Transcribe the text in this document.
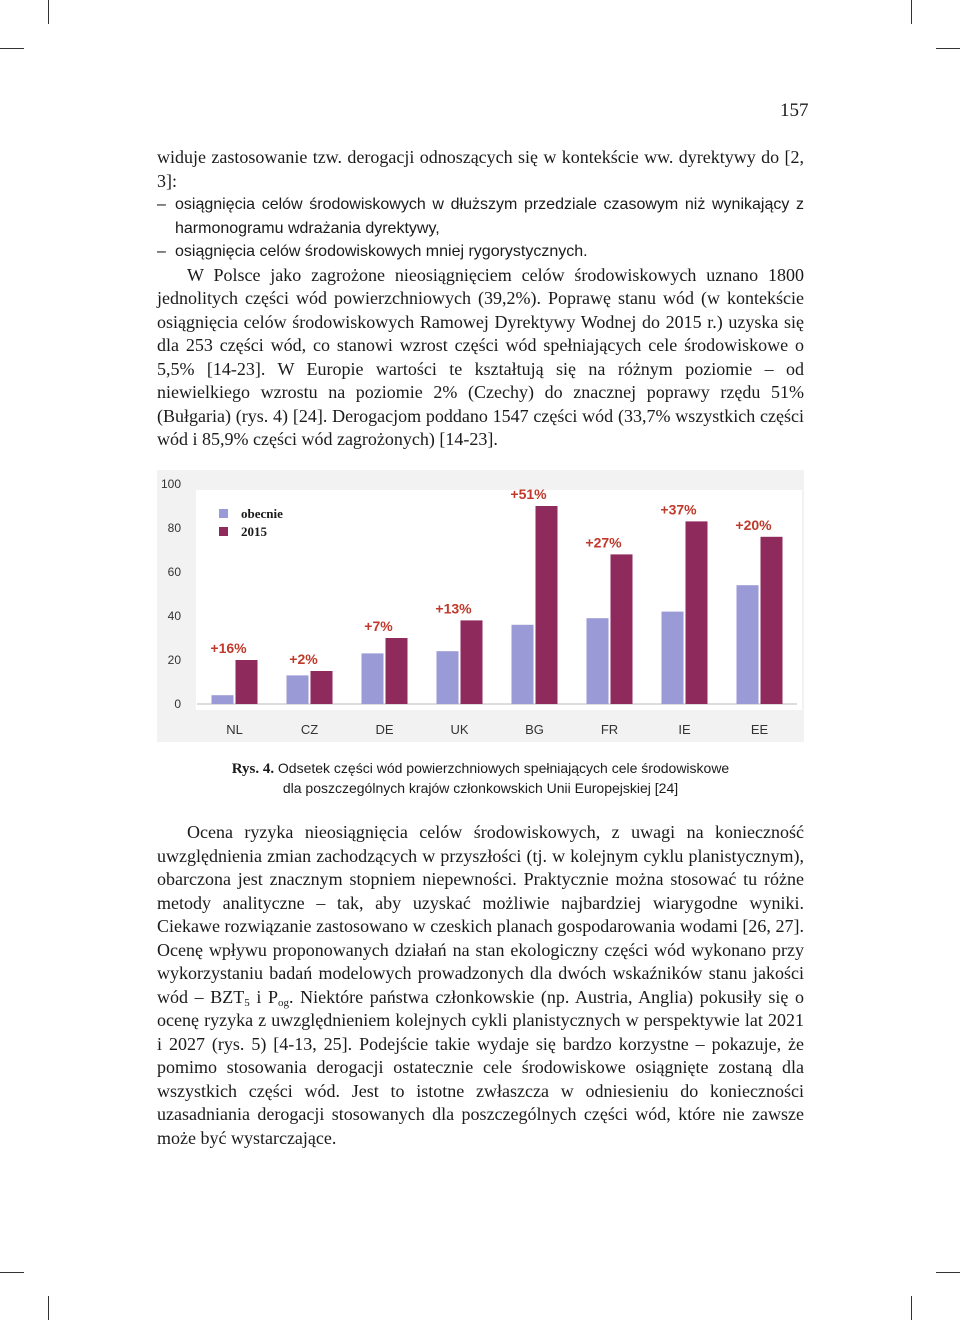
157

widuje zastosowanie tzw. derogacji odnoszących się w kontekście ww. dyrektywy do [2, 3]:

– osiągnięcia celów środowiskowych w dłuższym przedziale czasowym niż wynikający z harmonogramu wdrażania dyrektywy,
– osiągnięcia celów środowiskowych mniej rygorystycznych.

W Polsce jako zagrożone nieosiągnięciem celów środowiskowych uznano 1800 jednolitych części wód powierzchniowych (39,2%). Poprawę stanu wód (w kontekście osiągnięcia celów środowiskowych Ramowej Dyrektywy Wodnej do 2015 r.) uzyska się dla 253 części wód, co stanowi wzrost części wód spełniających cele środowiskowe o 5,5% [14-23]. W Europie wartości te kształtują się na różnym poziomie – od niewielkiego wzrostu na poziomie 2% (Czechy) do znacznej poprawy rzędu 51% (Bułgaria) (rys. 4) [24]. Derogacjom poddano 1547 części wód (33,7% wszystkich części wód i 85,9% części wód zagrożonych) [14-23].

0
20
40
60
80
100
NL
+16%
CZ
+2%
DE
+7%
UK
+13%
BG
+51%
FR
+27%
IE
+37%
EE
+20%
obecnie
2015
Rys. 4. Odsetek części wód powierzchniowych spełniających cele środowiskowe
dla poszczególnych krajów członkowskich Unii Europejskiej [24]

Ocena ryzyka nieosiągnięcia celów środowiskowych, z uwagi na konieczność uwzględnienia zmian zachodzących w przyszłości (tj. w kolejnym cyklu planistycznym), obarczona jest znacznym stopniem niepewności. Praktycznie można stosować tu różne metody analityczne – tak, aby uzyskać możliwie najbardziej wiarygodne wyniki. Ciekawe rozwiązanie zastosowano w czeskich planach gospodarowania wodami [26, 27]. Ocenę wpływu proponowanych działań na stan ekologiczny części wód wykonano przy wykorzystaniu badań modelowych prowadzonych dla dwóch wskaźników stanu jakości wód – $BZT_5$ i $P_{og}$. Niektóre państwa członkowskie (np. Austria, Anglia) pokusiły się o ocenę ryzyka z uwzględnieniem kolejnych cykli planistycznych w perspektywie lat 2021 i 2027 (rys. 5) [4-13, 25]. Podejście takie wydaje się bardzo korzystne – pokazuje, że pomimo stosowania derogacji ostatecznie cele środowiskowe osiągnięte zostaną dla wszystkich części wód. Jest to istotne zwłaszcza w odniesieniu do konieczności uzasadniania derogacji stosowanych dla poszczególnych części wód, które nie zawsze może być wystarczające.
